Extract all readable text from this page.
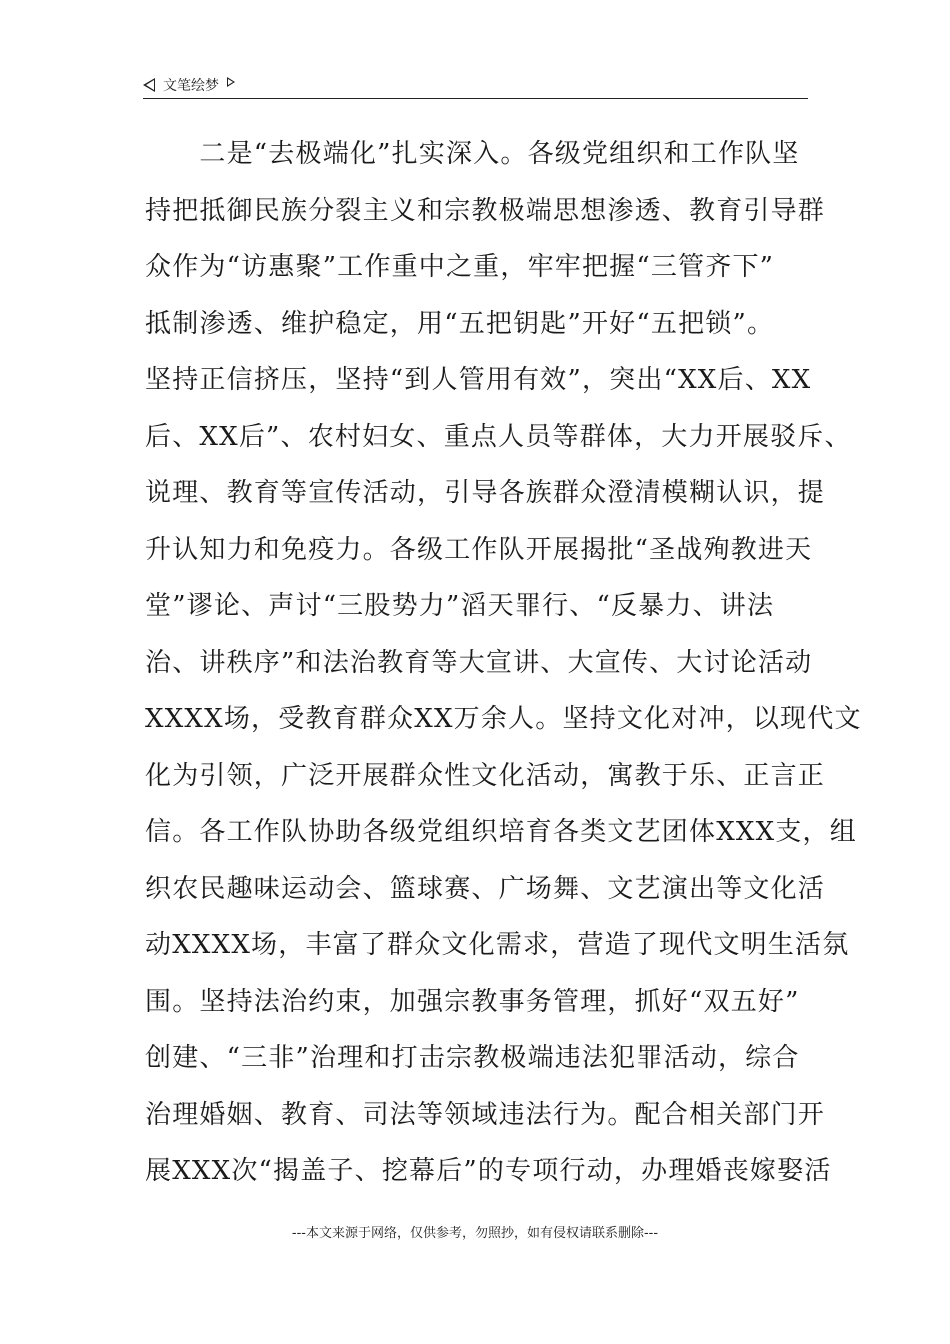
文笔绘梦
　　二是“去极端化”扎实深入。各级党组织和工作队坚
持把抵御民族分裂主义和宗教极端思想渗透、教育引导群
众作为“访惠聚”工作重中之重，牢牢把握“三管齐下”
抵制渗透、维护稳定，用“五把钥匙”开好“五把锁”。
坚持正信挤压，坚持“到人管用有效”，突出“XX后、XX
后、XX后”、农村妇女、重点人员等群体，大力开展驳斥、
说理、教育等宣传活动，引导各族群众澄清模糊认识，提
升认知力和免疫力。各级工作队开展揭批“圣战殉教进天
堂”谬论、声讨“三股势力”滔天罪行、“反暴力、讲法
治、讲秩序”和法治教育等大宣讲、大宣传、大讨论活动
XXXX场，受教育群众XX万余人。坚持文化对冲，以现代文
化为引领，广泛开展群众性文化活动，寓教于乐、正言正
信。各工作队协助各级党组织培育各类文艺团体XXX支，组
织农民趣味运动会、篮球赛、广场舞、文艺演出等文化活
动XXXX场，丰富了群众文化需求，营造了现代文明生活氛
围。坚持法治约束，加强宗教事务管理，抓好“双五好”
创建、“三非”治理和打击宗教极端违法犯罪活动，综合
治理婚姻、教育、司法等领域违法行为。配合相关部门开
展XXX次“揭盖子、挖幕后”的专项行动，办理婚丧嫁娶活
---本文来源于网络，仅供参考，勿照抄，如有侵权请联系删除---
